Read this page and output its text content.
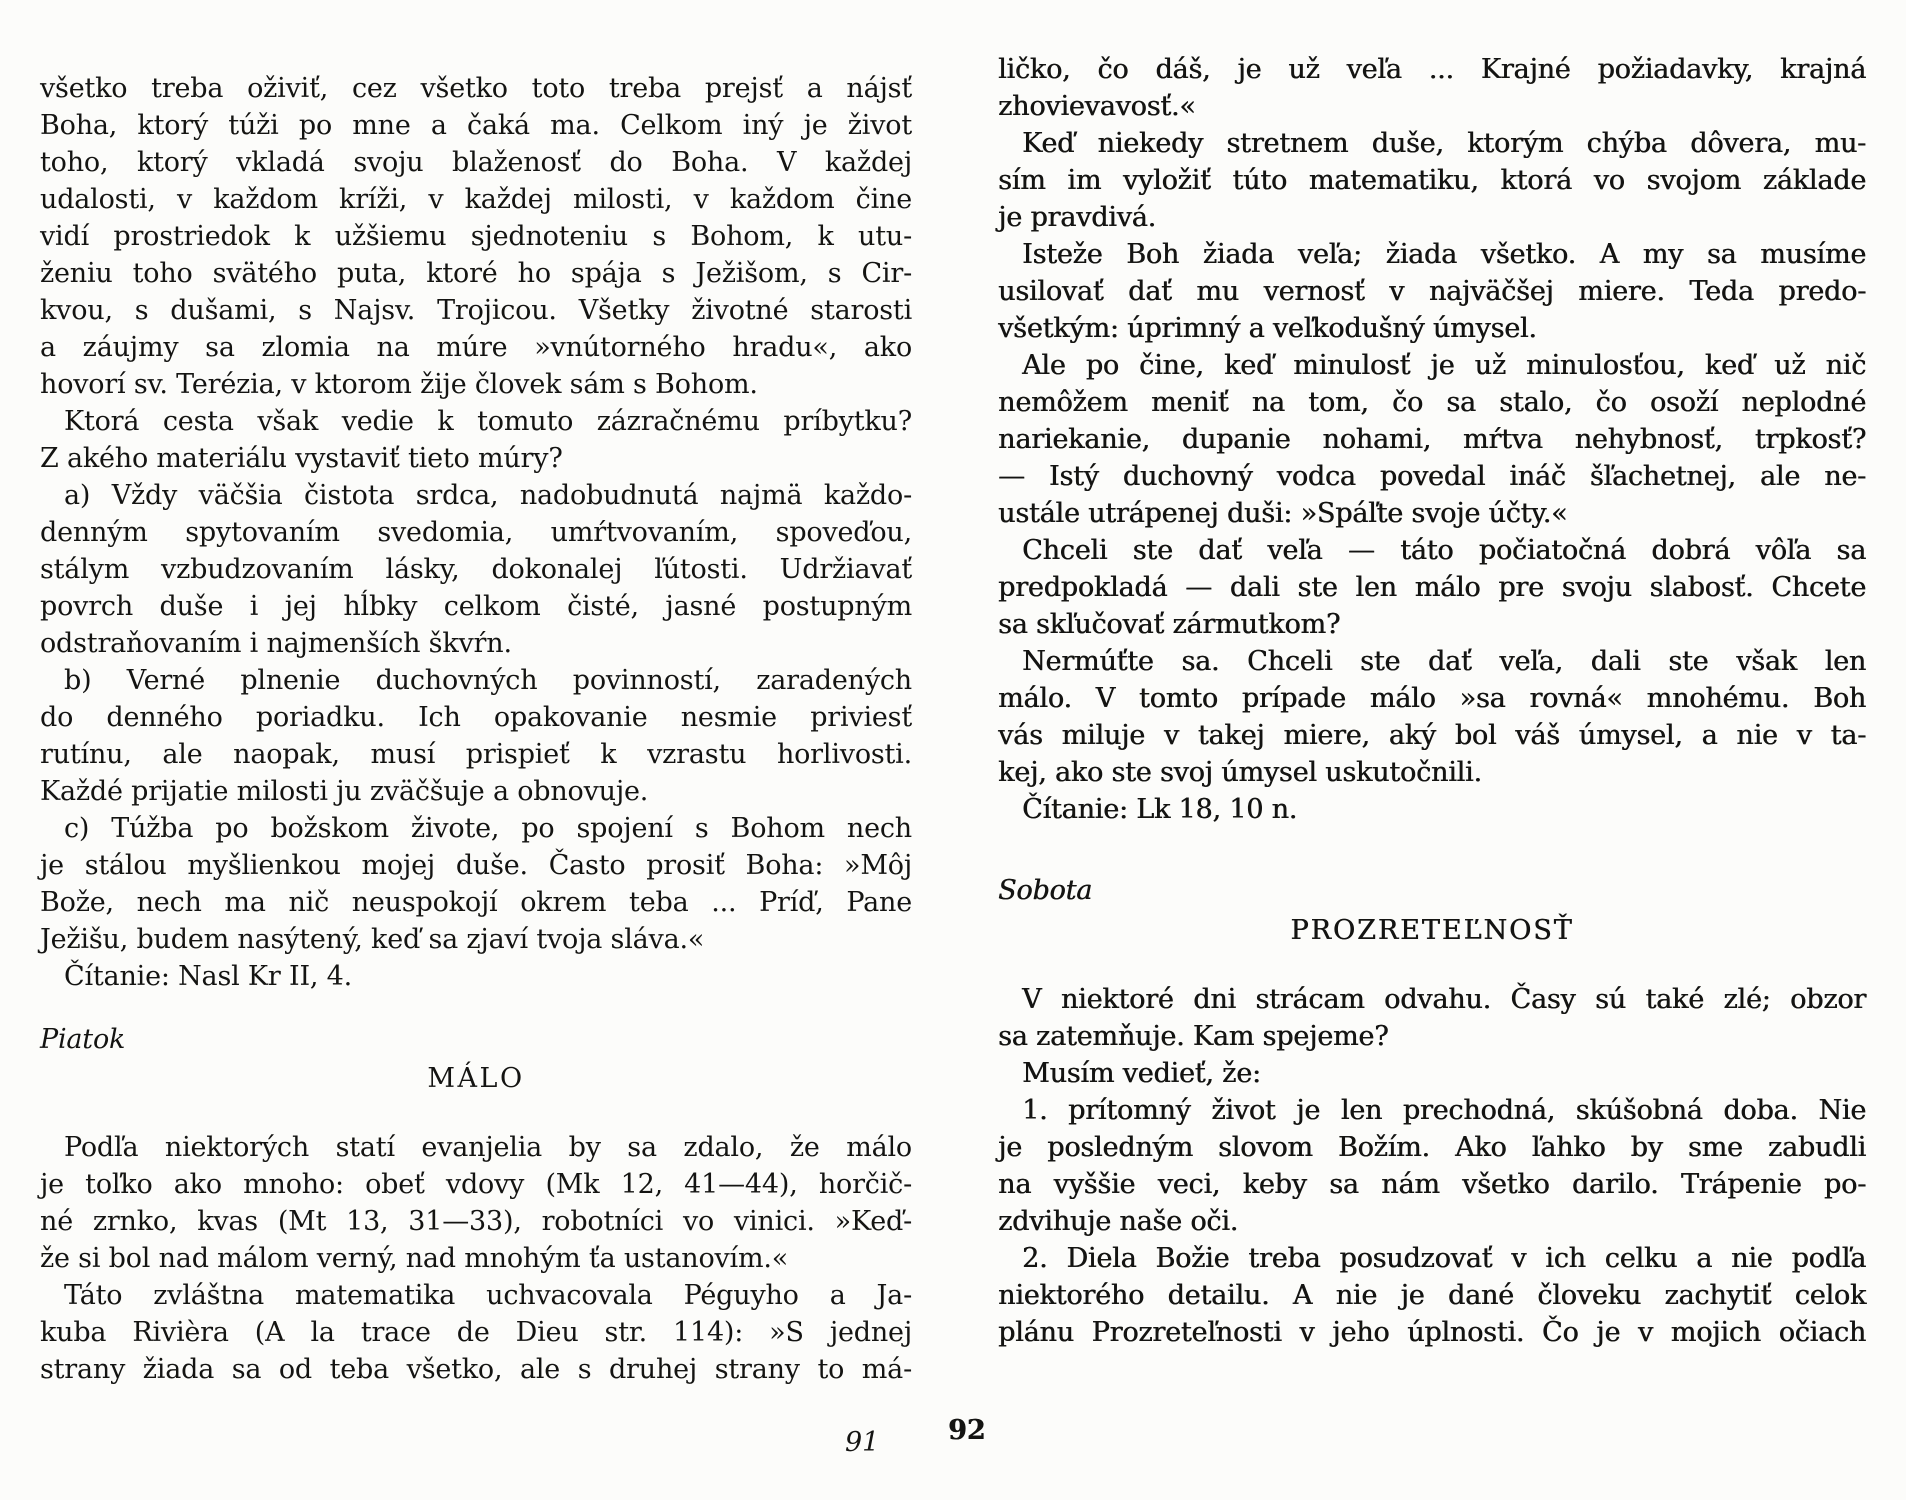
všetko treba oživiť, cez všetko toto treba prejsť a nájsť
Boha, ktorý túži po mne a čaká ma. Celkom iný je život
toho, ktorý vkladá svoju blaženosť do Boha. V každej
udalosti, v každom kríži, v každej milosti, v každom čine
vidí prostriedok k užšiemu sjednoteniu s Bohom, k utu-
ženiu toho svätého puta, ktoré ho spája s Ježišom, s Cir-
kvou, s dušami, s Najsv. Trojicou. Všetky životné starosti
a záujmy sa zlomia na múre »vnútorného hradu«, ako
hovorí sv. Terézia, v ktorom žije človek sám s Bohom.
Ktorá cesta však vedie k tomuto zázračnému príbytku?
Z akého materiálu vystaviť tieto múry?
a) Vždy väčšia čistota srdca, nadobudnutá najmä každo-
denným spytovaním svedomia, umŕtvovaním, spoveďou,
stálym vzbudzovaním lásky, dokonalej ľútosti. Udržiavať
povrch duše i jej hĺbky celkom čisté, jasné postupným
odstraňovaním i najmenších škvŕn.
b) Verné plnenie duchovných povinností, zaradených
do denného poriadku. Ich opakovanie nesmie priviesť
rutínu, ale naopak, musí prispieť k vzrastu horlivosti.
Každé prijatie milosti ju zväčšuje a obnovuje.
c) Túžba po božskom živote, po spojení s Bohom nech
je stálou myšlienkou mojej duše. Často prosiť Boha: »Môj
Bože, nech ma nič neuspokojí okrem teba ... Príď, Pane
Ježišu, budem nasýtený, keď sa zjaví tvoja sláva.«
Čítanie: Nasl Kr II, 4.
Piatok
MÁLO
Podľa niektorých statí evanjelia by sa zdalo, že málo
je toľko ako mnoho: obeť vdovy (Mk 12, 41—44), horčič-
né zrnko, kvas (Mt 13, 31—33), robotníci vo vinici. »Keď-
že si bol nad málom verný, nad mnohým ťa ustanovím.«
Táto zvláštna matematika uchvacovala Péguyho a Ja-
kuba Rivièra (A la trace de Dieu str. 114): »S jednej
strany žiada sa od teba všetko, ale s druhej strany to má-
ličko, čo dáš, je už veľa ... Krajné požiadavky, krajná
zhovievavosť.«
Keď niekedy stretnem duše, ktorým chýba dôvera, mu-
sím im vyložiť túto matematiku, ktorá vo svojom základe
je pravdivá.
Isteže Boh žiada veľa; žiada všetko. A my sa musíme
usilovať dať mu vernosť v najväčšej miere. Teda predo-
všetkým: úprimný a veľkodušný úmysel.
Ale po čine, keď minulosť je už minulosťou, keď už nič
nemôžem meniť na tom, čo sa stalo, čo osoží neplodné
nariekanie, dupanie nohami, mŕtva nehybnosť, trpkosť?
— Istý duchovný vodca povedal ináč šľachetnej, ale ne-
ustále utrápenej duši: »Spáľte svoje účty.«
Chceli ste dať veľa — táto počiatočná dobrá vôľa sa
predpokladá — dali ste len málo pre svoju slabosť. Chcete
sa skľučovať zármutkom?
Nermúťte sa. Chceli ste dať veľa, dali ste však len
málo. V tomto prípade málo »sa rovná« mnohému. Boh
vás miluje v takej miere, aký bol váš úmysel, a nie v ta-
kej, ako ste svoj úmysel uskutočnili.
Čítanie: Lk 18, 10 n.
Sobota
PROZRETEĽNOSŤ
V niektoré dni strácam odvahu. Časy sú také zlé; obzor
sa zatemňuje. Kam spejeme?
Musím vedieť, že:
1. prítomný život je len prechodná, skúšobná doba. Nie
je posledným slovom Božím. Ako ľahko by sme zabudli
na vyššie veci, keby sa nám všetko darilo. Trápenie po-
zdvihuje naše oči.
2. Diela Božie treba posudzovať v ich celku a nie podľa
niektorého detailu. A nie je dané človeku zachytiť celok
plánu Prozreteľnosti v jeho úplnosti. Čo je v mojich očiach
91	92
